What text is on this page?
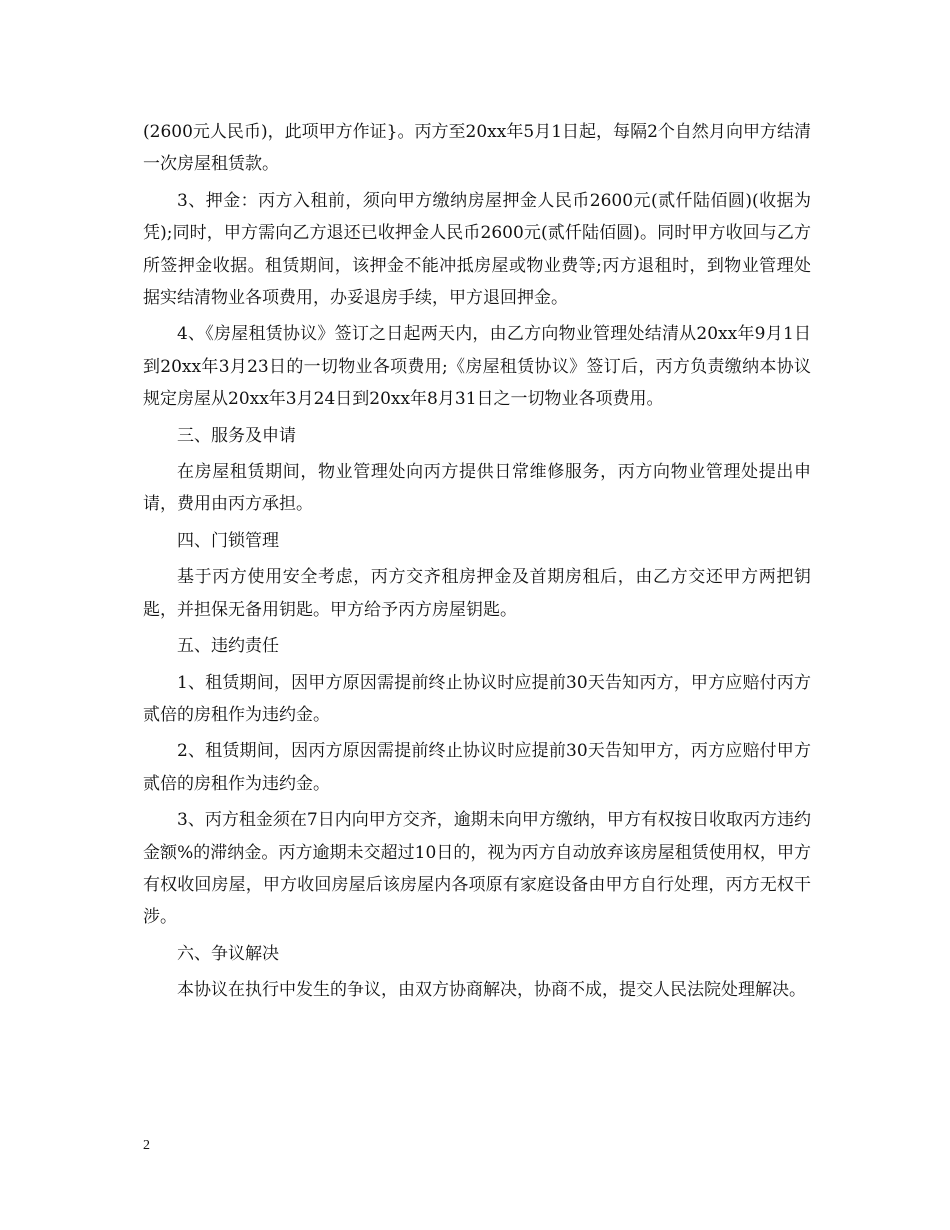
(2600元人民币)，此项甲方作证}。丙方至20xx年5月1日起，每隔2个自然月向甲方结清一次房屋租赁款。

3、押金：丙方入租前，须向甲方缴纳房屋押金人民币2600元(贰仟陆佰圆)(收据为凭);同时，甲方需向乙方退还已收押金人民币2600元(贰仟陆佰圆)。同时甲方收回与乙方所签押金收据。租赁期间，该押金不能冲抵房屋或物业费等;丙方退租时，到物业管理处据实结清物业各项费用，办妥退房手续，甲方退回押金。

4、《房屋租赁协议》签订之日起两天内，由乙方向物业管理处结清从20xx年9月1日到20xx年3月23日的一切物业各项费用;《房屋租赁协议》签订后，丙方负责缴纳本协议规定房屋从20xx年3月24日到20xx年8月31日之一切物业各项费用。

三、服务及申请

在房屋租赁期间，物业管理处向丙方提供日常维修服务，丙方向物业管理处提出申请，费用由丙方承担。

四、门锁管理

基于丙方使用安全考虑，丙方交齐租房押金及首期房租后，由乙方交还甲方两把钥匙，并担保无备用钥匙。甲方给予丙方房屋钥匙。

五、违约责任

1、租赁期间，因甲方原因需提前终止协议时应提前30天告知丙方，甲方应赔付丙方贰倍的房租作为违约金。

2、租赁期间，因丙方原因需提前终止协议时应提前30天告知甲方，丙方应赔付甲方贰倍的房租作为违约金。

3、丙方租金须在7日内向甲方交齐，逾期未向甲方缴纳，甲方有权按日收取丙方违约金额%的滞纳金。丙方逾期未交超过10日的，视为丙方自动放弃该房屋租赁使用权，甲方有权收回房屋，甲方收回房屋后该房屋内各项原有家庭设备由甲方自行处理，丙方无权干涉。

六、争议解决

本协议在执行中发生的争议，由双方协商解决，协商不成，提交人民法院处理解决。

2
